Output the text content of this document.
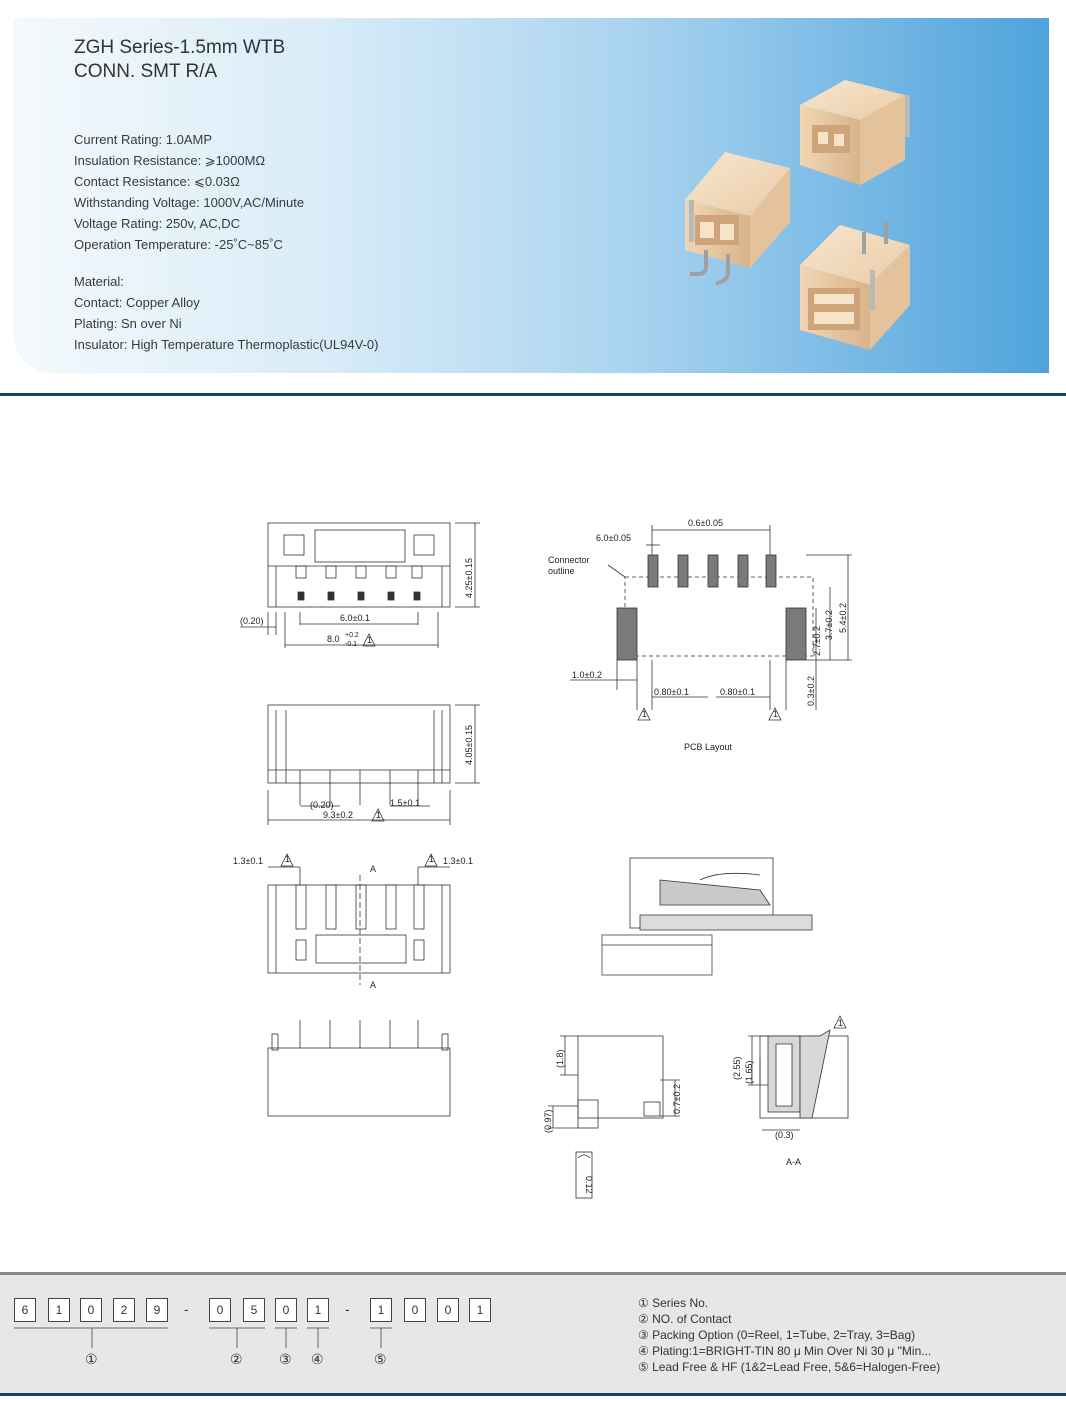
ZGH Series-1.5mm WTB
CONN. SMT R/A
Current Rating: 1.0AMP
Insulation Resistance: ⩾1000MΩ
Contact Resistance: ⩽0.03Ω
Withstanding Voltage: 1000V,AC/Minute
Voltage Rating: 250v, AC,DC
Operation Temperature: -25˚C~85˚C
Material:
Contact: Copper Alloy
Plating: Sn over Ni
Insulator: High Temperature Thermoplastic(UL94V-0)
4.25±0.15
(0.20)	6.0±0.1
8.0 +0.2
-0.1 1
4.05±0.15
(0.20)	1.5±0.1
9.3±0.2	1
1.3±0.1 1	1 1.3±0.1
A
A
0.6±0.05
6.0±0.05
Connector
outline
5.4±0.2
3.7±0.2
2.7±0.2
0.3±0.2
1.0±0.2
0.80±0.1	0.80±0.1
1	1
PCB Layout
(1.8)
(0.97)
0.7±0.2
0.12
(2.55) (1.65)
(0.3)
A-A
1
6	1	0	2	9	-	0	5	0	1	-	1	0	0	1
①	②	③ ④	⑤
① Series No.
② NO. of Contact
③ Packing Option (0=Reel, 1=Tube, 2=Tray, 3=Bag)
④ Plating:1=BRIGHT-TIN 80 μ Min Over Ni 30 μ "Min...
⑤ Lead Free & HF (1&2=Lead Free, 5&6=Halogen-Free)
